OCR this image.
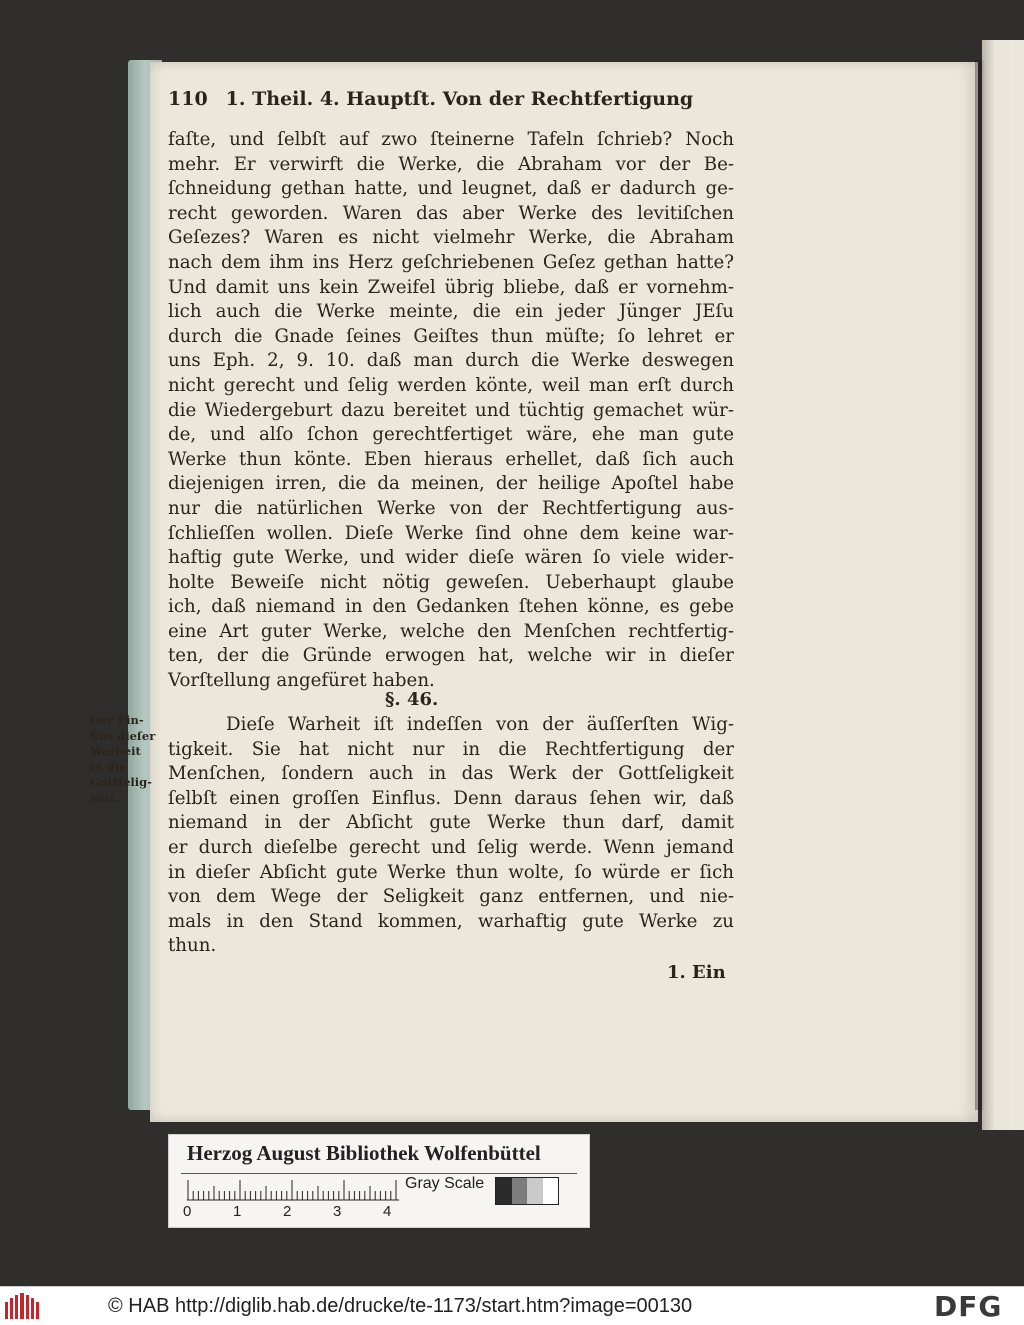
110 1. Theil. 4. Hauptſt. Von der Rechtfertigung
faſte, und ſelbſt auf zwo ſteinerne Tafeln ſchrieb? Noch
mehr. Er verwirft die Werke, die Abraham vor der Be-
ſchneidung gethan hatte, und leugnet, daß er dadurch ge-
recht geworden. Waren das aber Werke des levitiſchen
Geſezes? Waren es nicht vielmehr Werke, die Abraham
nach dem ihm ins Herz geſchriebenen Geſez gethan hatte?
Und damit uns kein Zweifel übrig bliebe, daß er vornehm-
lich auch die Werke meinte, die ein jeder Jünger JEſu
durch die Gnade ſeines Geiſtes thun müſte; ſo lehret er
uns Eph. 2, 9. 10. daß man durch die Werke deswegen
nicht gerecht und ſelig werden könte, weil man erſt durch
die Wiedergeburt dazu bereitet und tüchtig gemachet wür-
de, und alſo ſchon gerechtfertiget wäre, ehe man gute
Werke thun könte. Eben hieraus erhellet, daß ſich auch
diejenigen irren, die da meinen, der heilige Apoſtel habe
nur die natürlichen Werke von der Rechtfertigung aus-
ſchlieſſen wollen. Dieſe Werke ſind ohne dem keine war-
haftig gute Werke, und wider dieſe wären ſo viele wider-
holte Beweiſe nicht nötig geweſen. Ueberhaupt glaube
ich, daß niemand in den Gedanken ſtehen könne, es gebe
eine Art guter Werke, welche den Menſchen rechtfertig-
ten, der die Gründe erwogen hat, welche wir in dieſer
Vorſtellung angefüret haben.
§. 46.
Der Ein-
flus dieſer
Warheit
in die
Gottſelig-
keit.
Dieſe Warheit iſt indeſſen von der äuſſerſten Wig-
tigkeit. Sie hat nicht nur in die Rechtfertigung der
Menſchen, ſondern auch in das Werk der Gottſeligkeit
ſelbſt einen groſſen Einflus. Denn daraus ſehen wir, daß
niemand in der Abſicht gute Werke thun darf, damit
er durch dieſelbe gerecht und ſelig werde. Wenn jemand
in dieſer Abſicht gute Werke thun wolte, ſo würde er ſich
von dem Wege der Seligkeit ganz entfernen, und nie-
mals in den Stand kommen, warhaftig gute Werke zu
thun.
1. Ein
Herzog August Bibliothek Wolfenbüttel
0	1	2	3	4
Gray Scale
© HAB http://diglib.hab.de/drucke/te-1173/start.htm?image=00130	DFG
